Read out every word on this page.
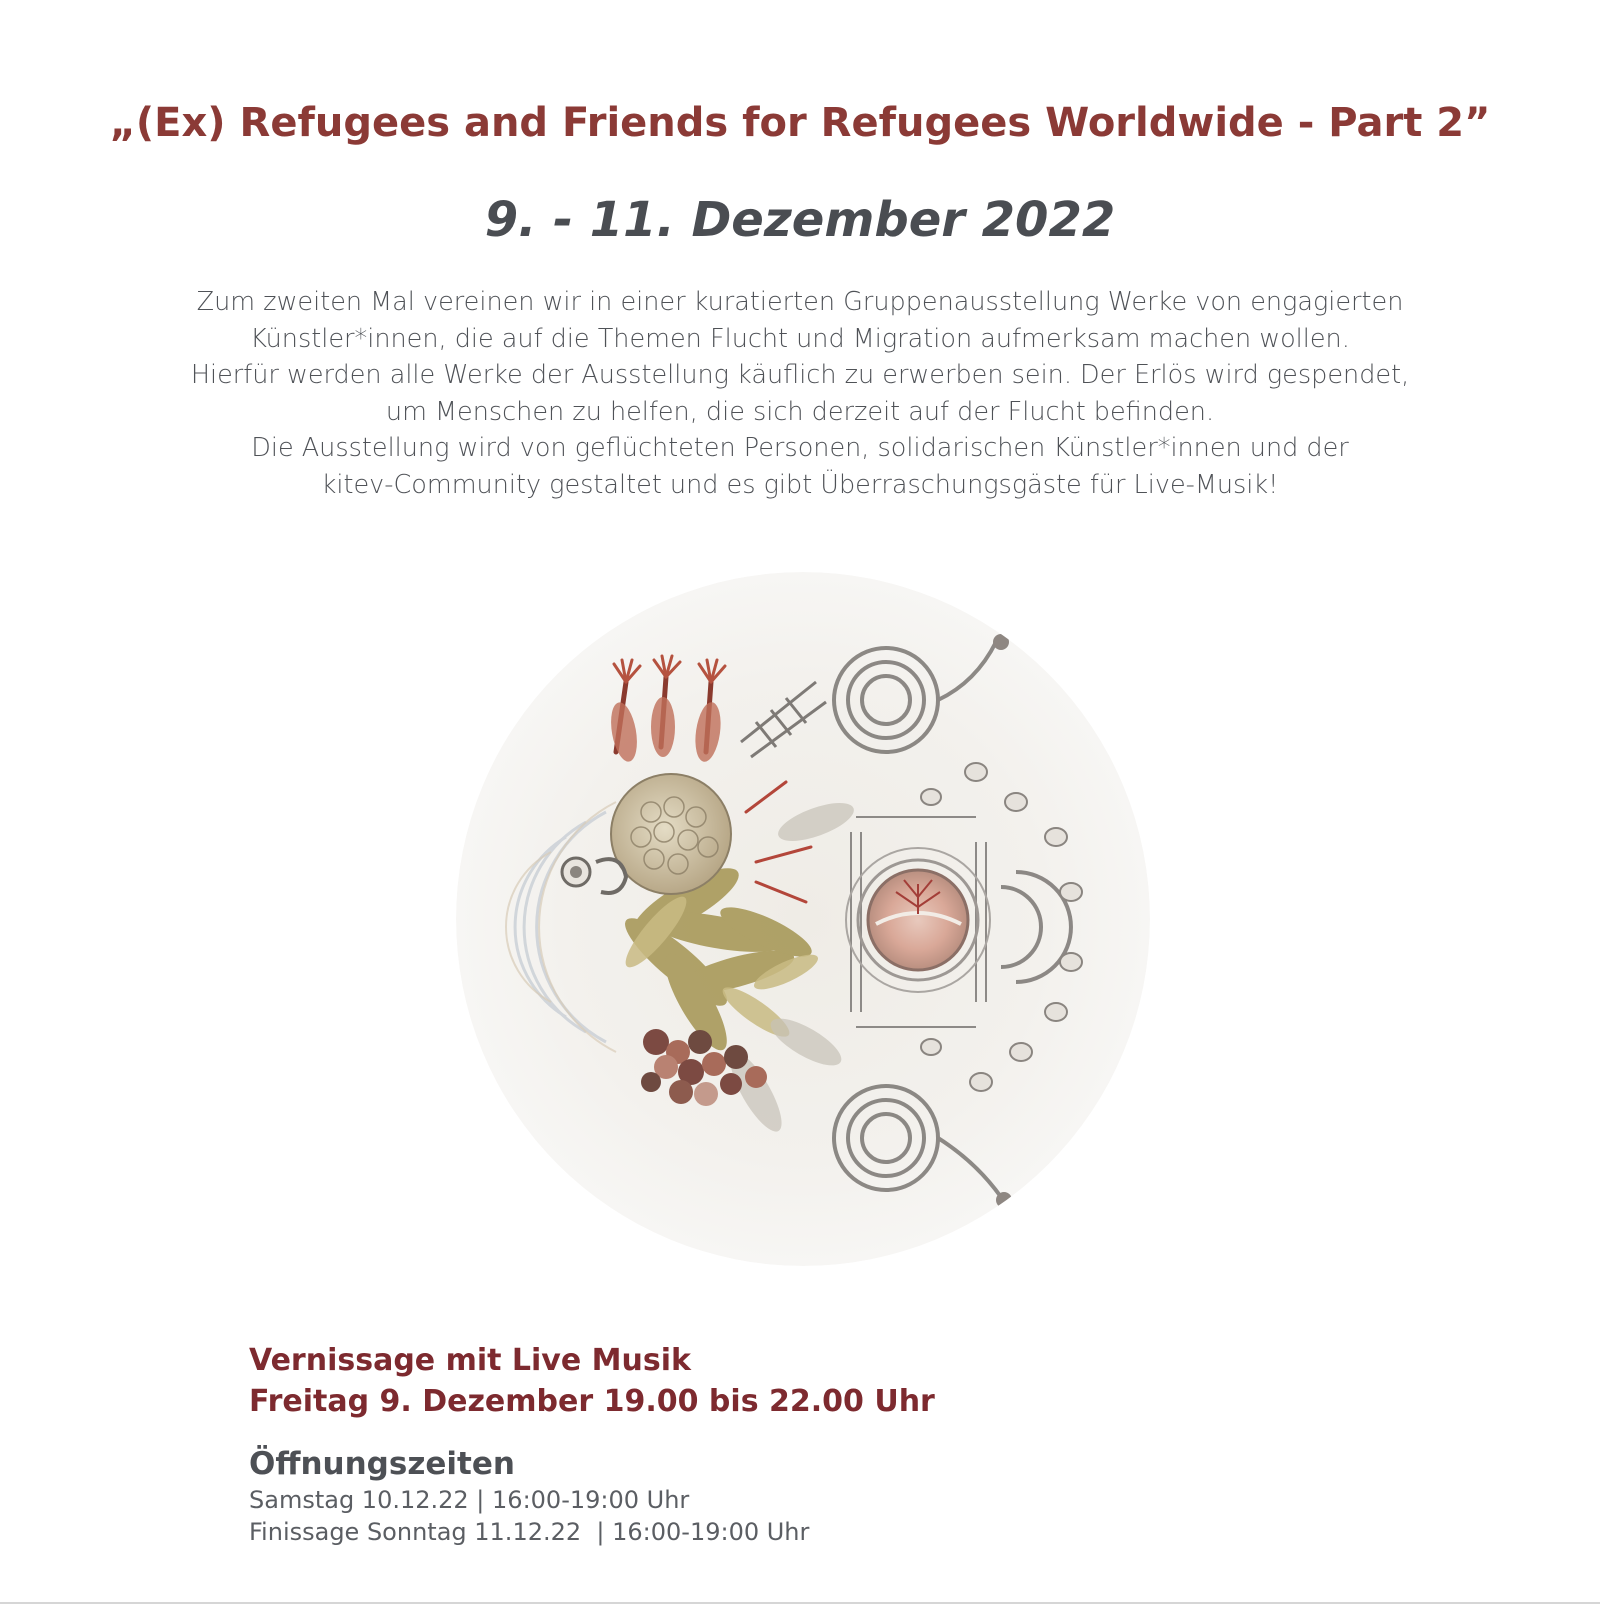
„(Ex) Refugees and Friends for Refugees Worldwide - Part 2”
9. - 11. Dezember 2022
Zum zweiten Mal vereinen wir in einer kuratierten Gruppenausstellung Werke von engagierten
Künstler*innen, die auf die Themen Flucht und Migration aufmerksam machen wollen.
Hierfür werden alle Werke der Ausstellung käuflich zu erwerben sein. Der Erlös wird gespendet,
um Menschen zu helfen, die sich derzeit auf der Flucht befinden.
Die Ausstellung wird von geflüchteten Personen, solidarischen Künstler*innen und der
kitev-Community gestaltet und es gibt Überraschungsgäste für Live-Musik!
Vernissage mit Live Musik
Freitag 9. Dezember 19.00 bis 22.00 Uhr
Öffnungszeiten
Samstag 10.12.22 | 16:00-19:00 Uhr
Finissage Sonntag 11.12.22  | 16:00-19:00 Uhr
